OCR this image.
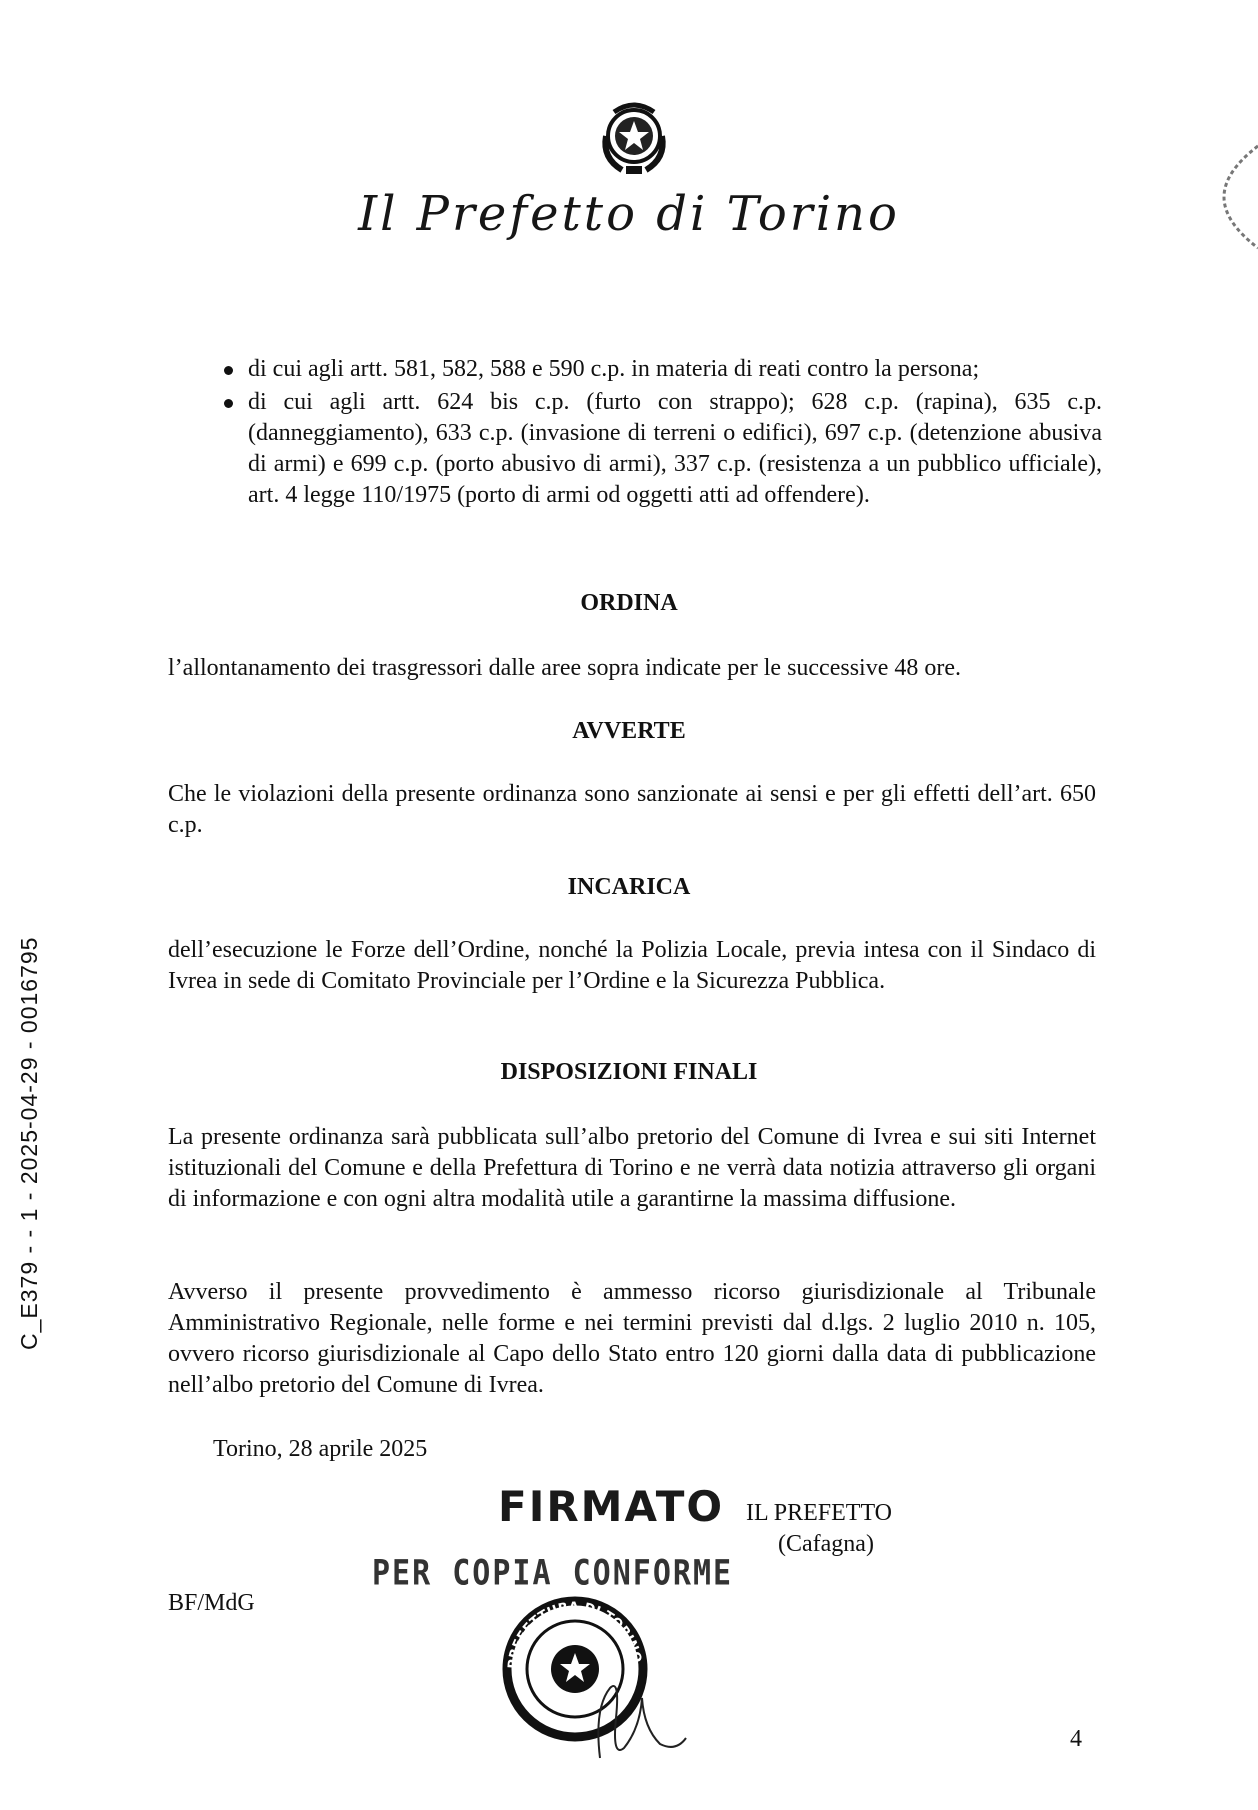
C_E379 - - 1 - 2025-04-29 - 0016795
Il Prefetto di Torino
di cui agli artt. 581, 582, 588 e 590 c.p. in materia di reati contro la persona;
di cui agli artt. 624 bis c.p. (furto con strappo); 628 c.p. (rapina), 635 c.p. (danneggiamento), 633 c.p. (invasione di terreni o edifici), 697 c.p. (detenzione abusiva di armi) e 699 c.p. (porto abusivo di armi), 337 c.p. (resistenza a un pubblico ufficiale), art. 4 legge 110/1975 (porto di armi od oggetti atti ad offendere).
ORDINA
l’allontanamento dei trasgressori dalle aree sopra indicate per le successive 48 ore.
AVVERTE
Che le violazioni della presente ordinanza sono sanzionate ai sensi e per gli effetti dell’art. 650 c.p.
INCARICA
dell’esecuzione le Forze dell’Ordine, nonché la Polizia Locale, previa intesa con il Sindaco di Ivrea in sede di Comitato Provinciale per l’Ordine e la Sicurezza Pubblica.
DISPOSIZIONI FINALI
La presente ordinanza sarà pubblicata sull’albo pretorio del Comune di Ivrea e sui siti Internet istituzionali del Comune e della Prefettura di Torino e ne verrà data notizia attraverso gli organi di informazione e con ogni altra modalità utile a garantirne la massima diffusione.
Avverso il presente provvedimento è ammesso ricorso giurisdizionale al Tribunale Amministrativo Regionale, nelle forme e nei termini previsti dal d.lgs. 2 luglio 2010 n. 105, ovvero ricorso giurisdizionale al Capo dello Stato entro 120 giorni dalla data di pubblicazione nell’albo pretorio del Comune di Ivrea.
Torino, 28 aprile 2025
FIRMATO
PER COPIA CONFORME
PREFETTURA DI TORINO
IL PREFETTO
(Cafagna)
BF/MdG
4
